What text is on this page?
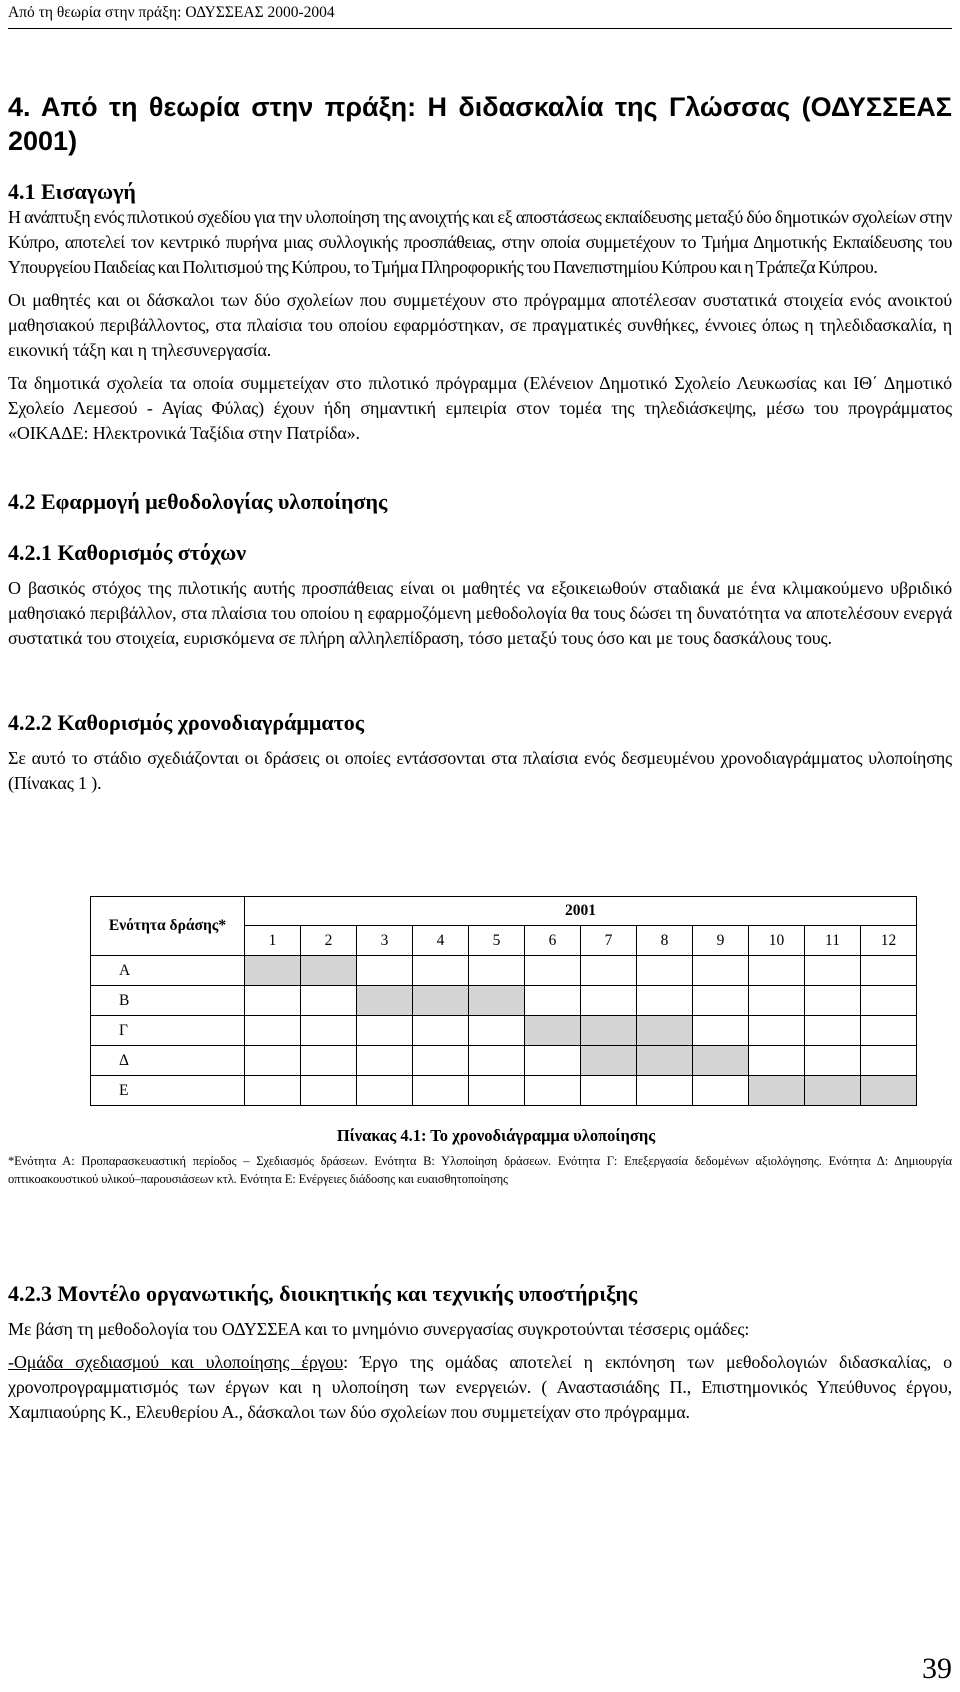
Από τη θεωρία στην πράξη: ΟΔΥΣΣΕΑΣ 2000-2004

4. Από τη θεωρία στην πράξη: Η διδασκαλία της Γλώσσας (ΟΔΥΣΣΕΑΣ 2001)

4.1 Εισαγωγή

Η ανάπτυξη ενός πιλοτικού σχεδίου για την υλοποίηση της ανοιχτής και εξ αποστάσεως εκπαίδευσης μεταξύ δύο δημοτικών σχολείων στην Κύπρο, αποτελεί τον κεντρικό πυρήνα μιας συλλογικής προσπάθειας, στην οποία συμμετέχουν το Τμήμα Δημοτικής Εκπαίδευσης του Υπουργείου Παιδείας και Πολιτισμού της Κύπρου, το Τμήμα Πληροφορικής του Πανεπιστημίου Κύπρου και η Τράπεζα Κύπρου.

Οι μαθητές και οι δάσκαλοι των δύο σχολείων που συμμετέχουν στο πρόγραμμα αποτέλεσαν συστατικά στοιχεία ενός ανοικτού μαθησιακού περιβάλλοντος, στα πλαίσια του οποίου εφαρμόστηκαν, σε πραγματικές συνθήκες, έννοιες όπως η τηλεδιδασκαλία, η εικονική τάξη και η τηλεσυνεργασία.

Τα δημοτικά σχολεία τα οποία συμμετείχαν στο πιλοτικό πρόγραμμα (Ελένειον Δημοτικό Σχολείο Λευκωσίας και ΙΘ΄ Δημοτικό Σχολείο Λεμεσού - Αγίας Φύλας) έχουν ήδη σημαντική εμπειρία στον τομέα της τηλεδιάσκεψης, μέσω του προγράμματος «ΟΙΚΑΔΕ: Ηλεκτρονικά Ταξίδια στην Πατρίδα».

4.2 Εφαρμογή μεθοδολογίας υλοποίησης

4.2.1 Καθορισμός στόχων

Ο βασικός στόχος της πιλοτικής αυτής προσπάθειας είναι οι μαθητές να εξοικειωθούν σταδιακά με ένα κλιμακούμενο υβριδικό μαθησιακό περιβάλλον, στα πλαίσια του οποίου η εφαρμοζόμενη μεθοδολογία θα τους δώσει τη δυνατότητα να αποτελέσουν ενεργά συστατικά του στοιχεία, ευρισκόμενα σε πλήρη αλληλεπίδραση, τόσο μεταξύ τους όσο και με τους δασκάλους τους.

4.2.2 Καθορισμός χρονοδιαγράμματος

Σε αυτό το στάδιο σχεδιάζονται οι δράσεις οι οποίες εντάσσονται στα πλαίσια ενός δεσμευμένου χρονοδιαγράμματος υλοποίησης (Πίνακας 1 ).

Ενότητα δράσης*	2001											
	1	2	3	4	5	6	7	8	9	10	11	12
Α												
Β												
Γ												
Δ												
Ε												
Πίνακας 4.1: Το χρονοδιάγραμμα υλοποίησης
*Ενότητα Α: Προπαρασκευαστική περίοδος – Σχεδιασμός δράσεων. Ενότητα Β: Υλοποίηση δράσεων. Ενότητα Γ: Επεξεργασία δεδομένων αξιολόγησης. Ενότητα Δ: Δημιουργία οπτικοακουστικού υλικού–παρουσιάσεων κτλ. Ενότητα Ε: Ενέργειες διάδοσης και ευαισθητοποίησης

4.2.3 Μοντέλο οργανωτικής, διοικητικής και τεχνικής υποστήριξης

Με βάση τη μεθοδολογία του ΟΔΥΣΣΕΑ και το μνημόνιο συνεργασίας συγκροτούνται τέσσερις ομάδες:

-Ομάδα σχεδιασμού και υλοποίησης έργου: Έργο της ομάδας αποτελεί η εκπόνηση των μεθοδολογιών διδασκαλίας, ο χρονοπρογραμματισμός των έργων και η υλοποίηση των ενεργειών. ( Αναστασιάδης Π., Επιστημονικός Υπεύθυνος έργου, Χαμπιαούρης Κ., Ελευθερίου Α., δάσκαλοι των δύο σχολείων που συμμετείχαν στο πρόγραμμα.

39
